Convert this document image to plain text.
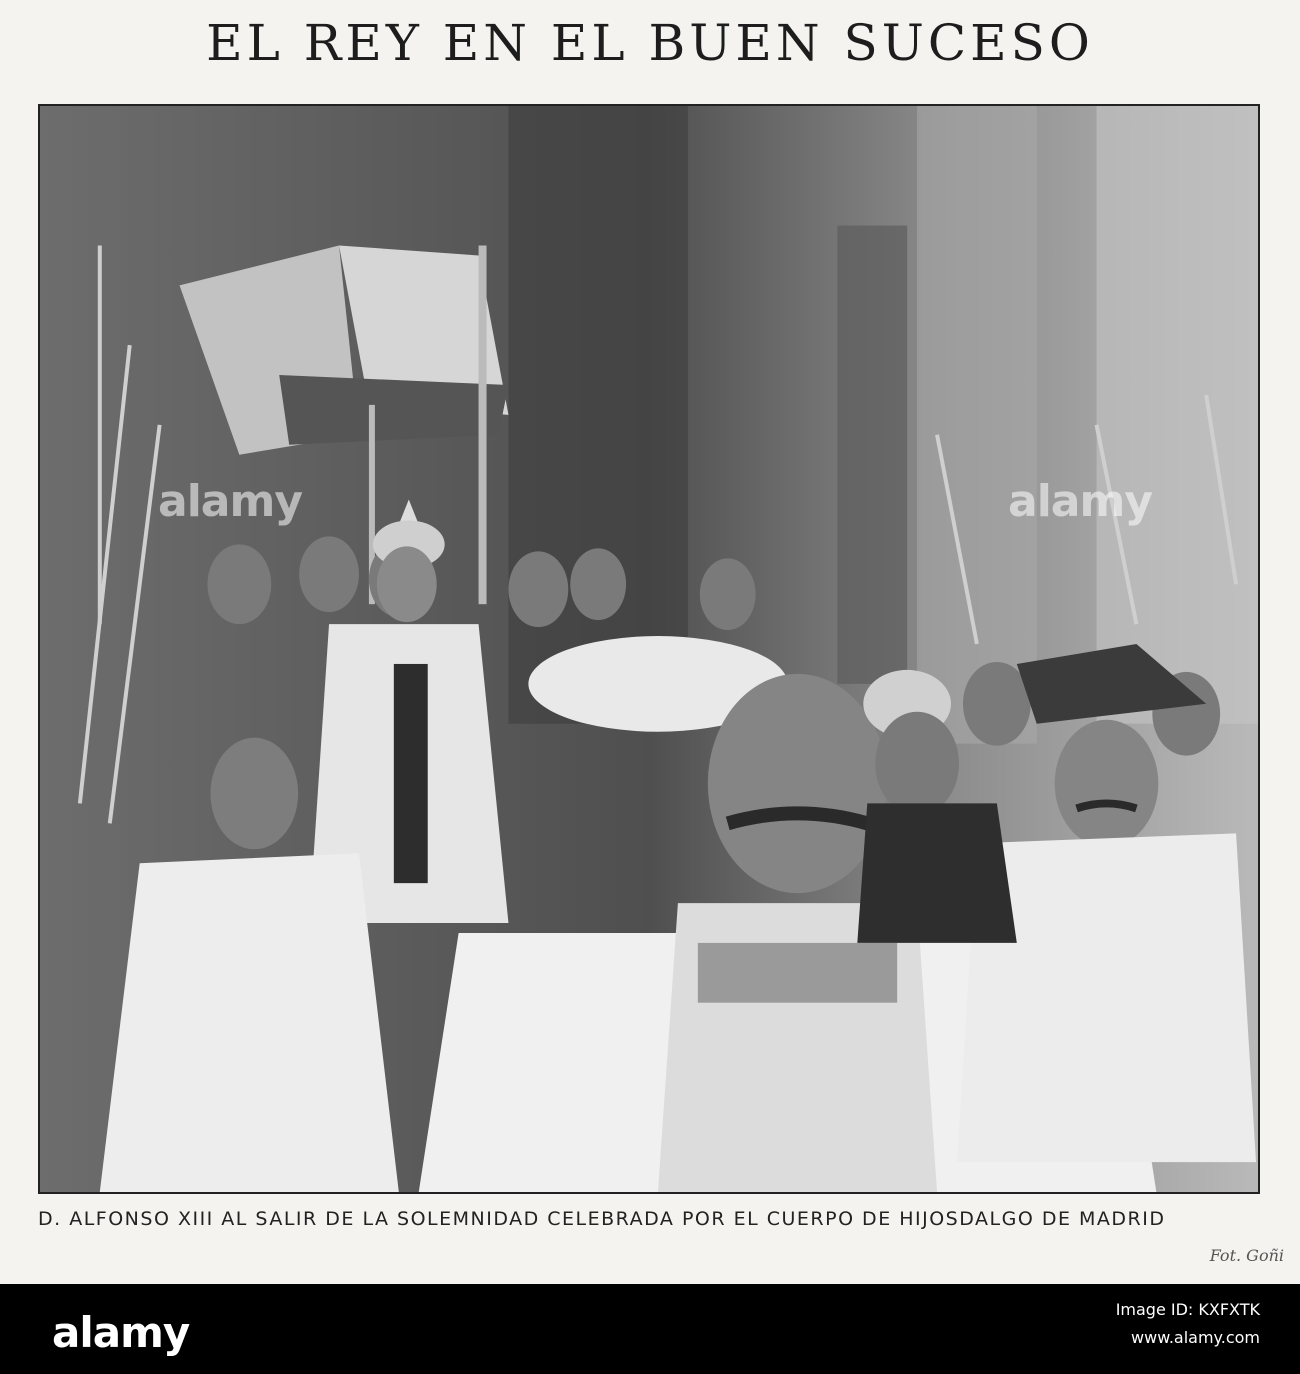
EL REY EN EL BUEN SUCESO
alamy	alamy
D. ALFONSO XIII AL SALIR DE LA SOLEMNIDAD CELEBRADA POR EL CUERPO DE HIJOSDALGO DE MADRID
Fot. Goñi
alamy	Image ID: KXFXTK
www.alamy.com
